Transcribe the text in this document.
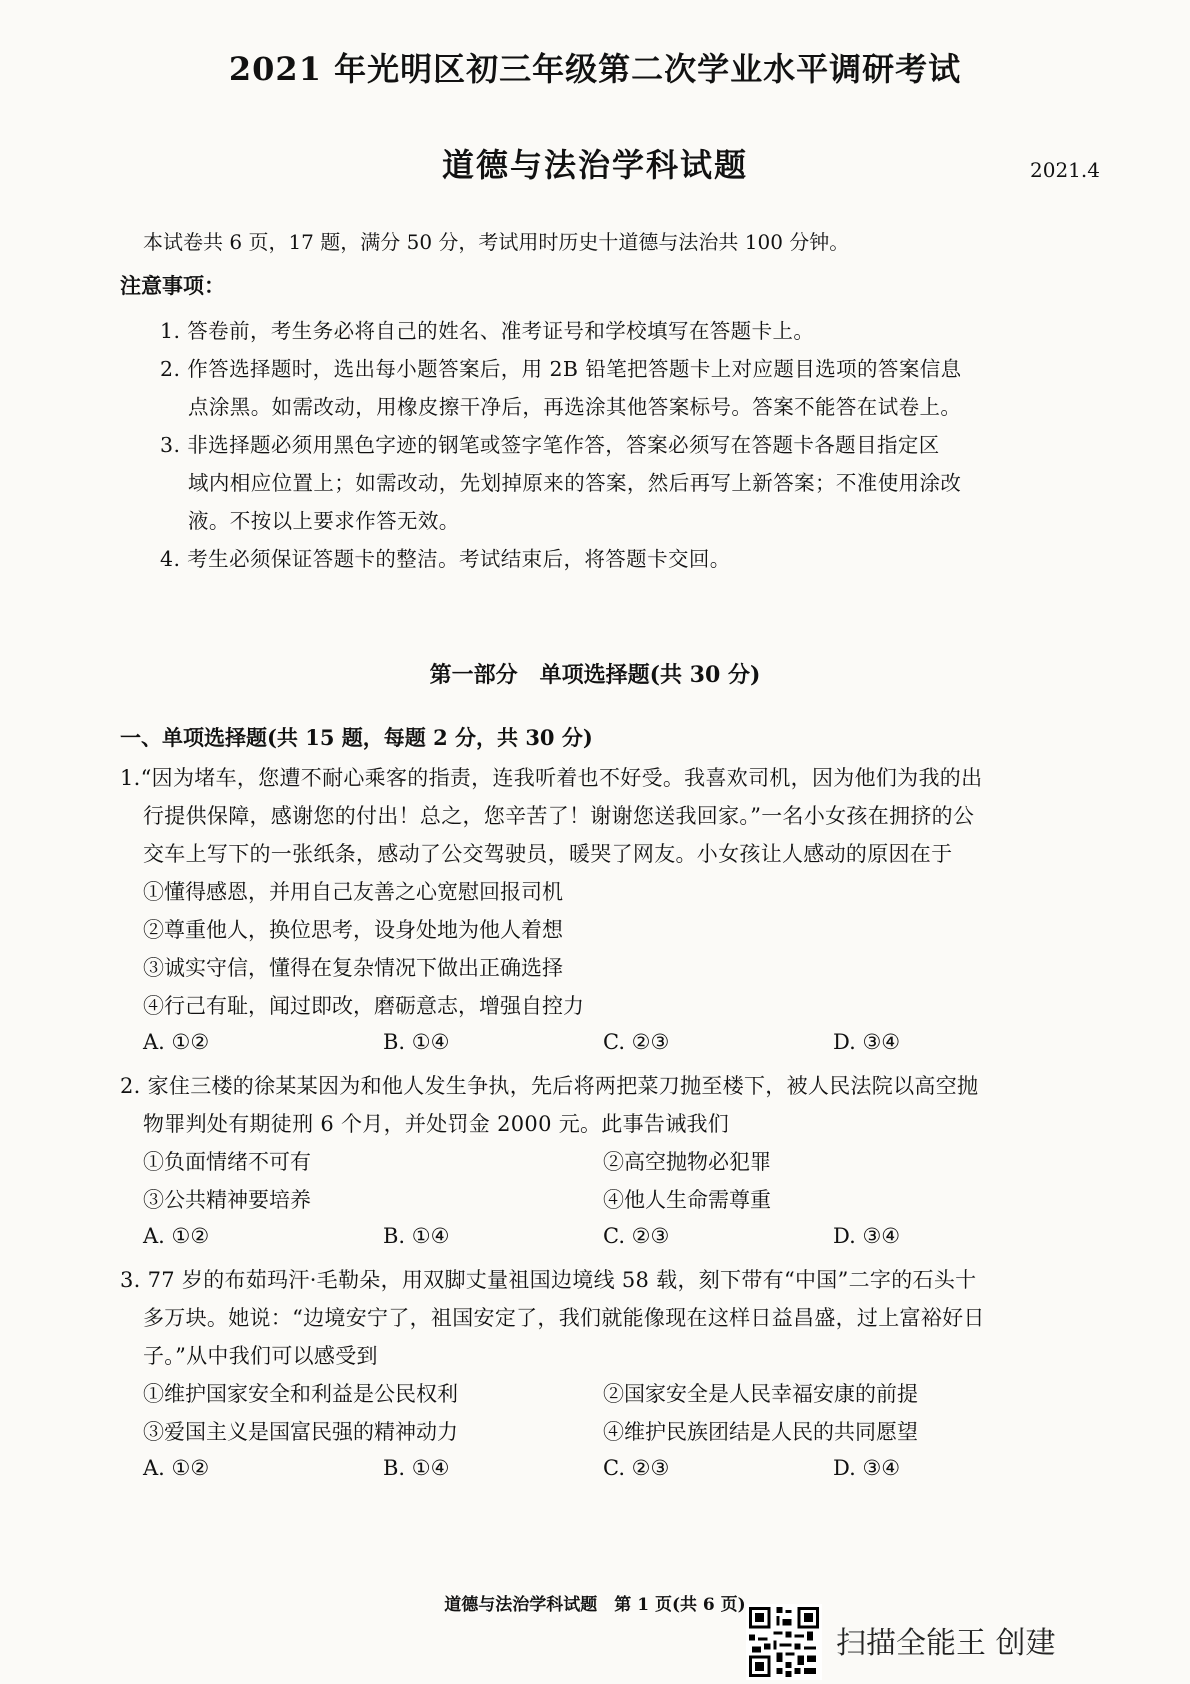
2021 年光明区初三年级第二次学业水平调研考试
道德与法治学科试题	2021.4
本试卷共 6 页，17 题，满分 50 分，考试用时历史十道德与法治共 100 分钟。
注意事项：
1. 答卷前，考生务必将自己的姓名、准考证号和学校填写在答题卡上。
2. 作答选择题时，选出每小题答案后，用 2B 铅笔把答题卡上对应题目选项的答案信息
点涂黑。如需改动，用橡皮擦干净后，再选涂其他答案标号。答案不能答在试卷上。
3. 非选择题必须用黑色字迹的钢笔或签字笔作答，答案必须写在答题卡各题目指定区
域内相应位置上；如需改动，先划掉原来的答案，然后再写上新答案；不准使用涂改
液。不按以上要求作答无效。
4. 考生必须保证答题卡的整洁。考试结束后，将答题卡交回。
第一部分　单项选择题(共 30 分)
一、单项选择题(共 15 题，每题 2 分，共 30 分)
1.“因为堵车，您遭不耐心乘客的指责，连我听着也不好受。我喜欢司机，因为他们为我的出
行提供保障，感谢您的付出！总之，您辛苦了！谢谢您送我回家。”一名小女孩在拥挤的公
交车上写下的一张纸条，感动了公交驾驶员，暖哭了网友。小女孩让人感动的原因在于
①懂得感恩，并用自己友善之心宽慰回报司机
②尊重他人，换位思考，设身处地为他人着想
③诚实守信，懂得在复杂情况下做出正确选择
④行己有耻，闻过即改，磨砺意志，增强自控力
A. ①②	B. ①④	C. ②③	D. ③④
2. 家住三楼的徐某某因为和他人发生争执，先后将两把菜刀抛至楼下，被人民法院以高空抛
物罪判处有期徒刑 6 个月，并处罚金 2000 元。此事告诫我们
①负面情绪不可有	②高空抛物必犯罪
③公共精神要培养	④他人生命需尊重
A. ①②	B. ①④	C. ②③	D. ③④
3. 77 岁的布茹玛汗·毛勒朵，用双脚丈量祖国边境线 58 载，刻下带有“中国”二字的石头十
多万块。她说：“边境安宁了，祖国安定了，我们就能像现在这样日益昌盛，过上富裕好日
子。”从中我们可以感受到
①维护国家安全和利益是公民权利	②国家安全是人民幸福安康的前提
③爱国主义是国富民强的精神动力	④维护民族团结是人民的共同愿望
A. ①②	B. ①④	C. ②③	D. ③④
道德与法治学科试题　第 1 页(共 6 页)
扫描全能王 创建
